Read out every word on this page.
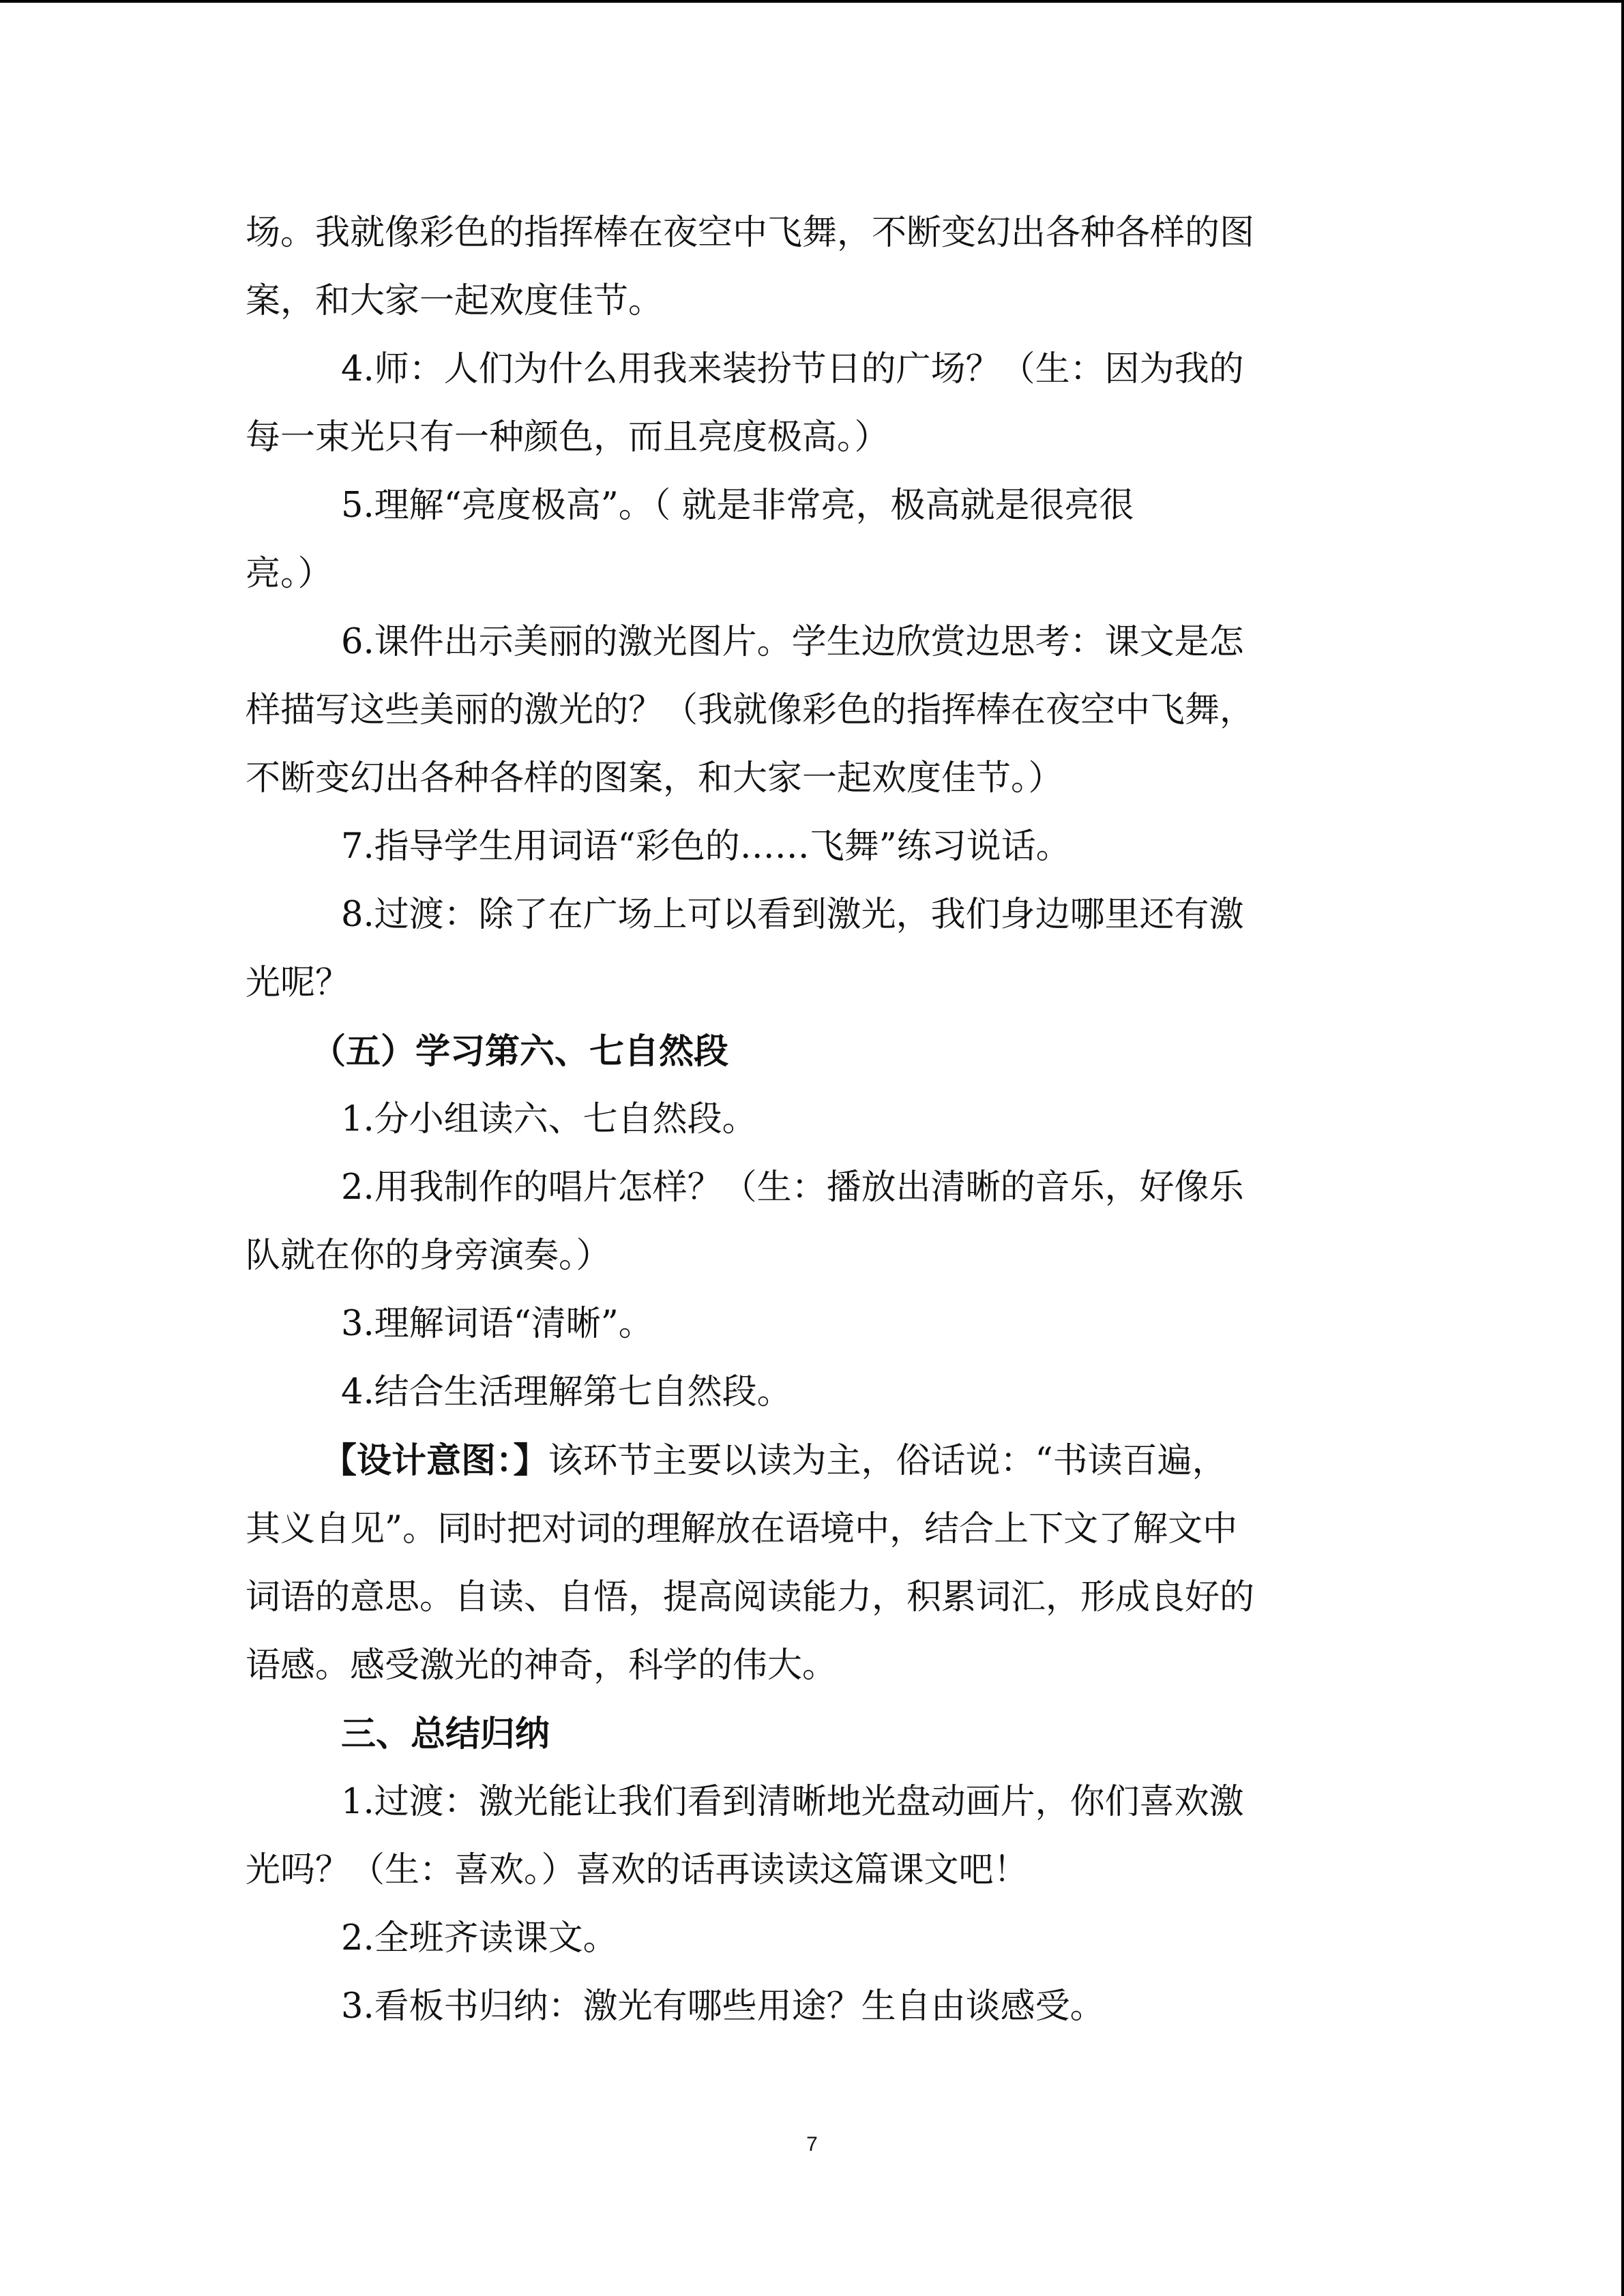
场。我就像彩色的指挥棒在夜空中飞舞，不断变幻出各种各样的图

案，和大家一起欢度佳节。

4.师：人们为什么用我来装扮节日的广场？（生：因为我的

每一束光只有一种颜色，而且亮度极高。）

5.理解“亮度极高”。（ 就是非常亮，极高就是很亮很

亮。）

6.课件出示美丽的激光图片。学生边欣赏边思考：课文是怎

样描写这些美丽的激光的？（我就像彩色的指挥棒在夜空中飞舞，

不断变幻出各种各样的图案，和大家一起欢度佳节。）

7.指导学生用词语“彩色的……飞舞”练习说话。

8.过渡：除了在广场上可以看到激光，我们身边哪里还有激

光呢？

（五）学习第六、七自然段

1.分小组读六、七自然段。

2.用我制作的唱片怎样？（生：播放出清晰的音乐，好像乐

队就在你的身旁演奏。）

3.理解词语“清晰”。

4.结合生活理解第七自然段。

【设计意图：】该环节主要以读为主，俗话说：“书读百遍，

其义自见”。同时把对词的理解放在语境中，结合上下文了解文中

词语的意思。自读、自悟，提高阅读能力，积累词汇，形成良好的

语感。感受激光的神奇，科学的伟大。

三、总结归纳

1.过渡：激光能让我们看到清晰地光盘动画片，你们喜欢激

光吗？（生：喜欢。）喜欢的话再读读这篇课文吧！

2.全班齐读课文。

3.看板书归纳：激光有哪些用途？生自由谈感受。

7
